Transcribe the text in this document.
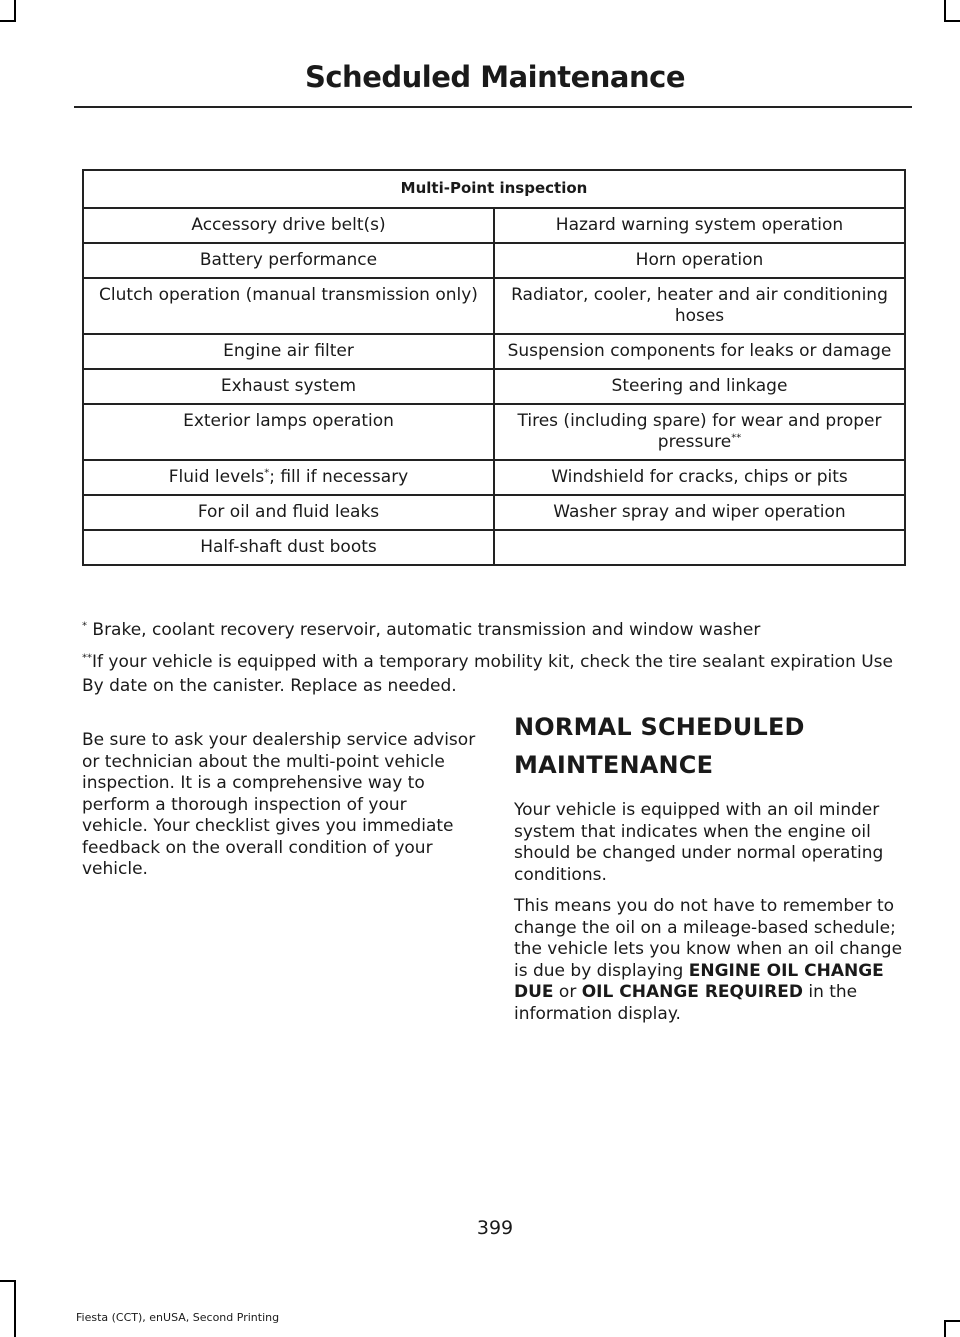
Scheduled Maintenance
Multi-Point inspection	
Accessory drive belt(s)	Hazard warning system operation
Battery performance	Horn operation
Clutch operation (manual transmission only)	Radiator, cooler, heater and air conditioning hoses
Engine air filter	Suspension components for leaks or damage
Exhaust system	Steering and linkage
Exterior lamps operation	Tires (including spare) for wear and proper pressure**
Fluid levels*; fill if necessary	Windshield for cracks, chips or pits
For oil and fluid leaks	Washer spray and wiper operation
Half-shaft dust boots	

* Brake, coolant recovery reservoir, automatic transmission and window washer

**If your vehicle is equipped with a temporary mobility kit, check the tire sealant expiration Use By date on the canister. Replace as needed.

Be sure to ask your dealership service advisor or technician about the multi-point vehicle inspection. It is a comprehensive way to perform a thorough inspection of your vehicle. Your checklist gives you immediate feedback on the overall condition of your vehicle.

NORMAL SCHEDULED MAINTENANCE

Your vehicle is equipped with an oil minder system that indicates when the engine oil should be changed under normal operating conditions.

This means you do not have to remember to change the oil on a mileage-based schedule; the vehicle lets you know when an oil change is due by displaying ENGINE OIL CHANGE DUE or OIL CHANGE REQUIRED in the information display.

399
Fiesta (CCT), enUSA, Second Printing
